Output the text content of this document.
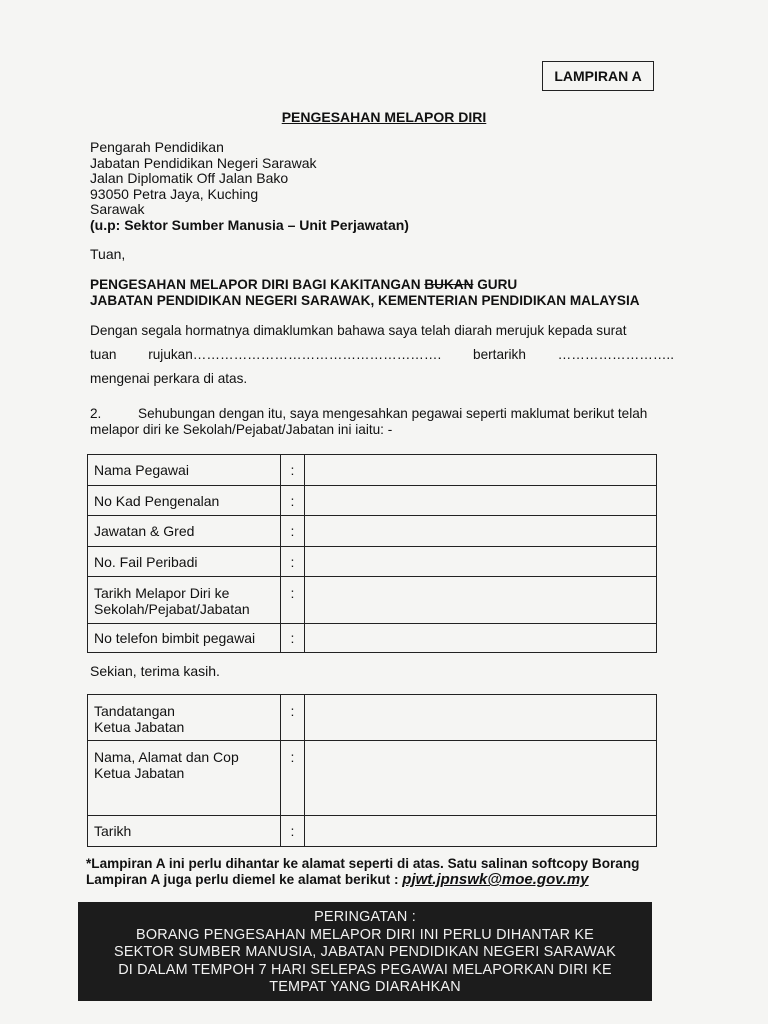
LAMPIRAN A
PENGESAHAN MELAPOR DIRI
Pengarah Pendidikan
Jabatan Pendidikan Negeri Sarawak
Jalan Diplomatik Off Jalan Bako
93050 Petra Jaya, Kuching
Sarawak
(u.p: Sektor Sumber Manusia – Unit Perjawatan)
Tuan,
PENGESAHAN MELAPOR DIRI BAGI KAKITANGAN BUKAN GURU
JABATAN PENDIDIKAN NEGERI SARAWAK, KEMENTERIAN PENDIDIKAN MALAYSIA
Dengan segala hormatnya dimaklumkan bahawa saya telah diarah merujuk kepada surat
tuan rujukan………………………………………………. bertarikh ……………………..
mengenai perkara di atas.
2.	Sehubungan dengan itu, saya mengesahkan pegawai seperti maklumat berikut telah
melapor diri ke Sekolah/Pejabat/Jabatan ini iaitu: -
Nama Pegawai	:	
No Kad Pengenalan	:	
Jawatan & Gred	:	
No. Fail Peribadi	:	

Tarikh Melapor Diri ke
Sekolah/Pejabat/Jabatan	:	
No telefon bimbit pegawai	:	
Sekian, terima kasih.
Tandatangan
Ketua Jabatan	:	

Nama, Alamat dan Cop
Ketua Jabatan	:	
Tarikh	:	
*Lampiran A ini perlu dihantar ke alamat seperti di atas. Satu salinan softcopy Borang
Lampiran A juga perlu diemel ke alamat berikut : pjwt.jpnswk@moe.gov.my
PERINGATAN :
BORANG PENGESAHAN MELAPOR DIRI INI PERLU DIHANTAR KE
SEKTOR SUMBER MANUSIA, JABATAN PENDIDIKAN NEGERI SARAWAK
DI DALAM TEMPOH 7 HARI SELEPAS PEGAWAI MELAPORKAN DIRI KE
TEMPAT YANG DIARAHKAN
